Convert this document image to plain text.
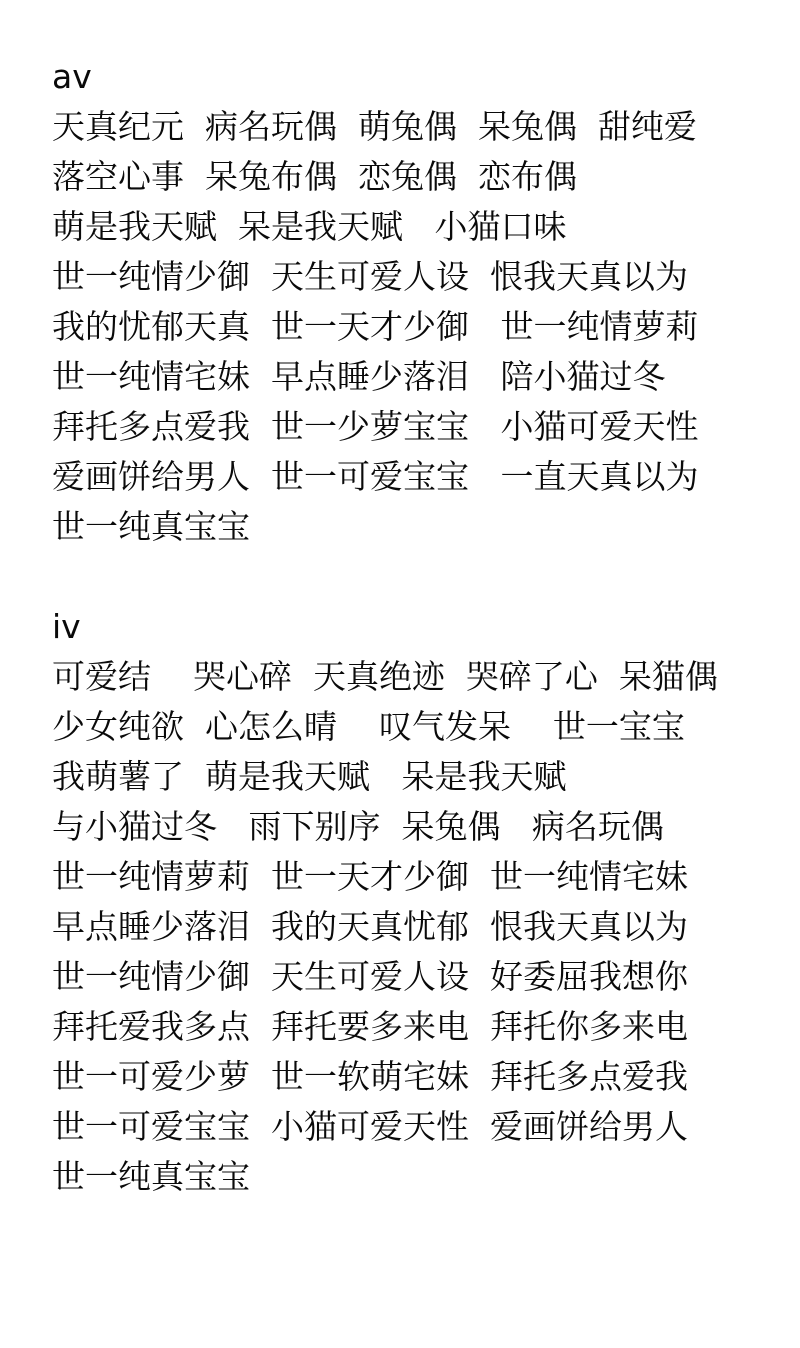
av
天真纪元  病名玩偶  萌兔偶  呆兔偶  甜纯爱
落空心事  呆兔布偶  恋兔偶  恋布偶
萌是我天赋  呆是我天赋   小猫口味
世一纯情少御  天生可爱人设  恨我天真以为
我的忧郁天真  世一天才少御   世一纯情萝莉
世一纯情宅妹  早点睡少落泪   陪小猫过冬
拜托多点爱我  世一少萝宝宝   小猫可爱天性
爱画饼给男人  世一可爱宝宝   一直天真以为
世一纯真宝宝
iv
可爱结    哭心碎  天真绝迹  哭碎了心  呆猫偶
少女纯欲  心怎么晴    叹气发呆    世一宝宝
我萌薯了  萌是我天赋   呆是我天赋
与小猫过冬   雨下别序  呆兔偶   病名玩偶
世一纯情萝莉  世一天才少御  世一纯情宅妹
早点睡少落泪  我的天真忧郁  恨我天真以为
世一纯情少御  天生可爱人设  好委屈我想你
拜托爱我多点  拜托要多来电  拜托你多来电
世一可爱少萝  世一软萌宅妹  拜托多点爱我
世一可爱宝宝  小猫可爱天性  爱画饼给男人
世一纯真宝宝
